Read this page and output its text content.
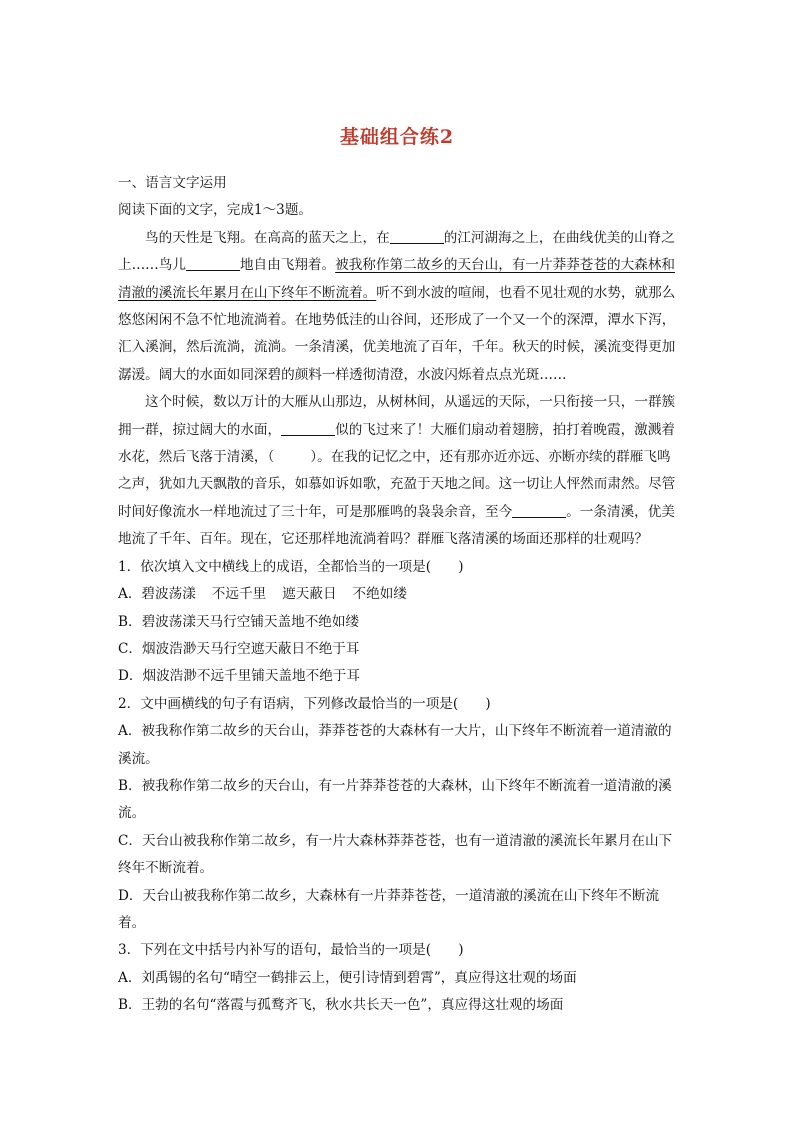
基础组合练2

一、语言文字运用

阅读下面的文字，完成1～3题。

鸟的天性是飞翔。在高高的蓝天之上，在	的江河湖海之上，在曲线优美的山脊之上……鸟儿	地自由飞翔着。被我称作第二故乡的天台山，有一片莽莽苍苍的大森林和清澈的溪流长年累月在山下终年不断流着。听不到水波的喧闹，也看不见壮观的水势，就那么悠悠闲闲不急不忙地流淌着。在地势低洼的山谷间，还形成了一个又一个的深潭，潭水下泻，汇入溪涧，然后流淌，流淌。一条清溪，优美地流了百年，千年。秋天的时候，溪流变得更加潺湲。阔大的水面如同深碧的颜料一样透彻清澄，水波闪烁着点点光斑……

这个时候，数以万计的大雁从山那边，从树林间，从遥远的天际，一只衔接一只，一群簇拥一群，掠过阔大的水面，	似的飞过来了！大雁们扇动着翅膀，拍打着晚霞，激溅着水花，然后飞落于清溪，（	）。在我的记忆之中，还有那亦近亦远、亦断亦续的群雁飞鸣之声，犹如九天飘散的音乐，如慕如诉如歌，充盈于天地之间。这一切让人怦然而肃然。尽管时间好像流水一样地流过了三十年，可是那雁鸣的袅袅余音，至今	。一条清溪，优美地流了千年、百年。现在，它还那样地流淌着吗？群雁飞落清溪的场面还那样的壮观吗？

1．依次填入文中横线上的成语，全都恰当的一项是(　　)

A．碧波荡漾 不远千里 遮天蔽日 不绝如缕

B．碧波荡漾天马行空铺天盖地不绝如缕

C．烟波浩渺天马行空遮天蔽日不绝于耳

D．烟波浩渺不远千里铺天盖地不绝于耳

2．文中画横线的句子有语病，下列修改最恰当的一项是(　　)

A．被我称作第二故乡的天台山，莽莽苍苍的大森林有一大片，山下终年不断流着一道清澈的溪流。

B．被我称作第二故乡的天台山，有一片莽莽苍苍的大森林，山下终年不断流着一道清澈的溪流。

C．天台山被我称作第二故乡，有一片大森林莽莽苍苍，也有一道清澈的溪流长年累月在山下终年不断流着。

D．天台山被我称作第二故乡，大森林有一片莽莽苍苍，一道清澈的溪流在山下终年不断流着。

3．下列在文中括号内补写的语句，最恰当的一项是(　　)

A．刘禹锡的名句“晴空一鹤排云上，便引诗情到碧霄”，真应得这壮观的场面

B．王勃的名句“落霞与孤鹜齐飞，秋水共长天一色”，真应得这壮观的场面
